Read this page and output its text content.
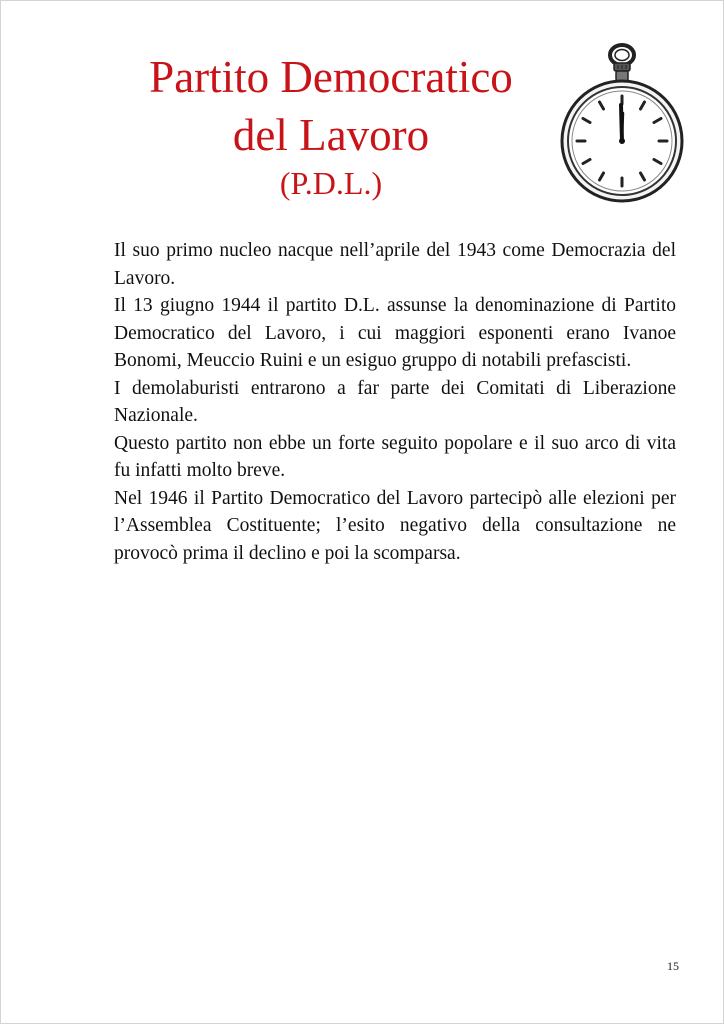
Partito Democratico
del Lavoro
(P.D.L.)

Il suo primo nucleo nacque nell’aprile del 1943 come Democrazia del Lavoro.

Il 13 giugno 1944 il partito D.L. assunse la denominazione di Partito Democratico del Lavoro, i cui maggiori esponenti erano Ivanoe Bonomi, Meuccio Ruini e un esiguo gruppo di notabili prefascisti.

I demolaburisti entrarono a far parte dei Comitati di Liberazione Nazionale.

Questo partito non ebbe un forte seguito popolare e il suo arco di vita fu infatti molto breve.

Nel 1946 il Partito Democratico del Lavoro partecipò alle elezioni per l’Assemblea Costituente; l’esito negativo della consultazione ne provocò prima il declino e poi la scomparsa.

15
